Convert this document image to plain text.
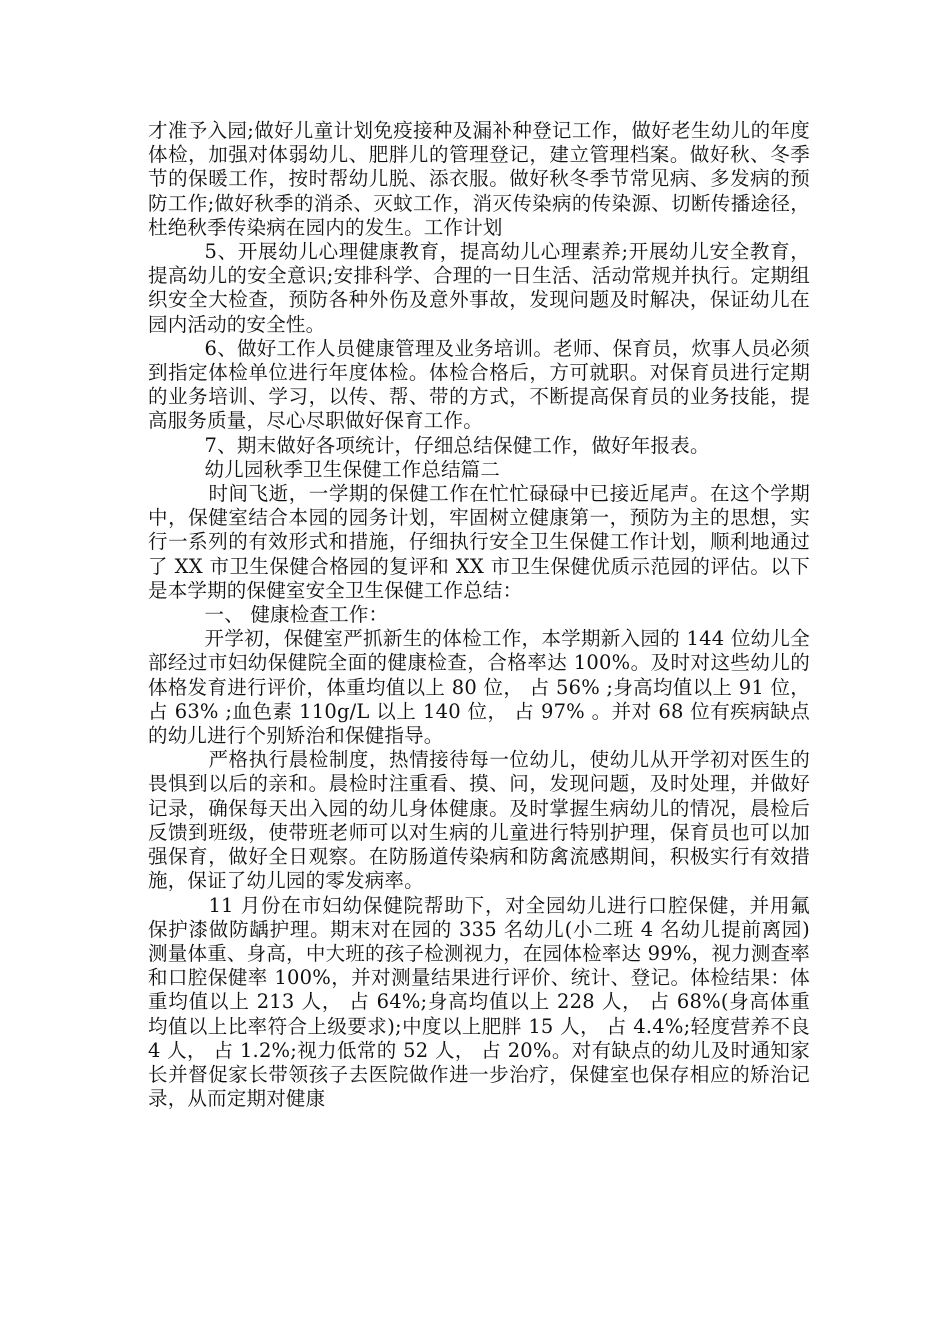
才准予入园;做好儿童计划免疫接种及漏补种登记工作，做好老生幼儿的年度体检，加强对体弱幼儿、肥胖儿的管理登记，建立管理档案。做好秋、冬季节的保暖工作，按时帮幼儿脱、添衣服。做好秋冬季节常见病、多发病的预防工作;做好秋季的消杀、灭蚊工作，消灭传染病的传染源、切断传播途径，杜绝秋季传染病在园内的发生。工作计划

5、开展幼儿心理健康教育，提高幼儿心理素养;开展幼儿安全教育，提高幼儿的安全意识;安排科学、合理的一日生活、活动常规并执行。定期组织安全大检查，预防各种外伤及意外事故，发现问题及时解决，保证幼儿在园内活动的安全性。

6、做好工作人员健康管理及业务培训。老师、保育员，炊事人员必须到指定体检单位进行年度体检。体检合格后，方可就职。对保育员进行定期的业务培训、学习，以传、帮、带的方式，不断提高保育员的业务技能，提高服务质量，尽心尽职做好保育工作。

7、期末做好各项统计，仔细总结保健工作，做好年报表。

幼儿园秋季卫生保健工作总结篇二

时间飞逝，一学期的保健工作在忙忙碌碌中已接近尾声。在这个学期中，保健室结合本园的园务计划，牢固树立健康第一，预防为主的思想，实行一系列的有效形式和措施，仔细执行安全卫生保健工作计划，顺利地通过了 XX 市卫生保健合格园的复评和 XX 市卫生保健优质示范园的评估。以下是本学期的保健室安全卫生保健工作总结：

一、 健康检查工作：

开学初，保健室严抓新生的体检工作，本学期新入园的 144 位幼儿全部经过市妇幼保健院全面的健康检查，合格率达 100%。及时对这些幼儿的体格发育进行评价，体重均值以上 80 位， 占 56% ;身高均值以上 91 位， 占 63% ;血色素 110g/L 以上 140 位， 占 97% 。并对 68 位有疾病缺点的幼儿进行个别矫治和保健指导。

严格执行晨检制度，热情接待每一位幼儿，使幼儿从开学初对医生的畏惧到以后的亲和。晨检时注重看、摸、问，发现问题，及时处理，并做好记录，确保每天出入园的幼儿身体健康。及时掌握生病幼儿的情况，晨检后反馈到班级，使带班老师可以对生病的儿童进行特别护理，保育员也可以加强保育，做好全日观察。在防肠道传染病和防禽流感期间，积极实行有效措施，保证了幼儿园的零发病率。

11 月份在市妇幼保健院帮助下，对全园幼儿进行口腔保健，并用氟保护漆做防龋护理。期末对在园的 335 名幼儿(小二班 4 名幼儿提前离园)测量体重、身高，中大班的孩子检测视力，在园体检率达 99%，视力测查率和口腔保健率 100%，并对测量结果进行评价、统计、登记。体检结果：体重均值以上 213 人， 占 64%;身高均值以上 228 人， 占 68%(身高体重均值以上比率符合上级要求);中度以上肥胖 15 人， 占 4.4%;轻度营养不良 4 人， 占 1.2%;视力低常的 52 人， 占 20%。对有缺点的幼儿及时通知家长并督促家长带领孩子去医院做作进一步治疗，保健室也保存相应的矫治记录，从而定期对健康
